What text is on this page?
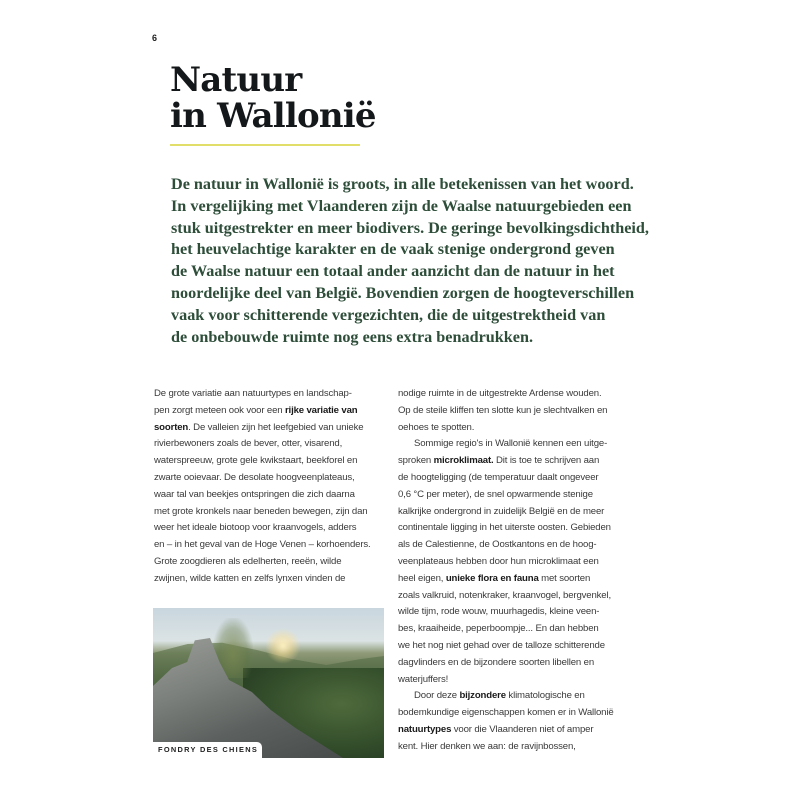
6
Natuur
in Wallonië

De natuur in Wallonië is groots, in alle betekenissen van het woord.
In vergelijking met Vlaanderen zijn de Waalse natuurgebieden een
stuk uitgestrekter en meer biodivers. De geringe bevolkingsdichtheid,
het heuvelachtige karakter en de vaak stenige ondergrond geven
de Waalse natuur een totaal ander aanzicht dan de natuur in het
noordelijke deel van België. Bovendien zorgen de hoogteverschillen
vaak voor schitterende vergezichten, die de uitgestrektheid van
de onbebouwde ruimte nog eens extra benadrukken.

De grote variatie aan natuurtypes en landschap-
pen zorgt meteen ook voor een rijke variatie van
soorten. De valleien zijn het leefgebied van unieke
rivierbewoners zoals de bever, otter, visarend,
waterspreeuw, grote gele kwikstaart, beekforel en
zwarte ooievaar. De desolate hoogveenplateaus,
waar tal van beekjes ontspringen die zich daarna
met grote kronkels naar beneden bewegen, zijn dan
weer het ideale biotoop voor kraanvogels, adders
en – in het geval van de Hoge Venen – korhoenders.
Grote zoogdieren als edelherten, reeën, wilde
zwijnen, wilde katten en zelfs lynxen vinden de
FONDRY DES CHIENS
nodige ruimte in de uitgestrekte Ardense wouden.
Op de steile kliffen ten slotte kun je slechtvalken en
oehoes te spotten.
Sommige regio's in Wallonië kennen een uitge-
sproken microklimaat. Dit is toe te schrijven aan
de hoogteligging (de temperatuur daalt ongeveer
0,6 °C per meter), de snel opwarmende stenige
kalkrijke ondergrond in zuidelijk België en de meer
continentale ligging in het uiterste oosten. Gebieden
als de Calestienne, de Oostkantons en de hoog-
veenplateaus hebben door hun microklimaat een
heel eigen, unieke flora en fauna met soorten
zoals valkruid, notenkraker, kraanvogel, bergvenkel,
wilde tijm, rode wouw, muurhagedis, kleine veen-
bes, kraaiheide, peperboompje... En dan hebben
we het nog niet gehad over de talloze schitterende
dagvlinders en de bijzondere soorten libellen en
waterjuffers!
Door deze bijzondere klimatologische en
bodemkundige eigenschappen komen er in Wallonië
natuurtypes voor die Vlaanderen niet of amper
kent. Hier denken we aan: de ravijnbossen,
